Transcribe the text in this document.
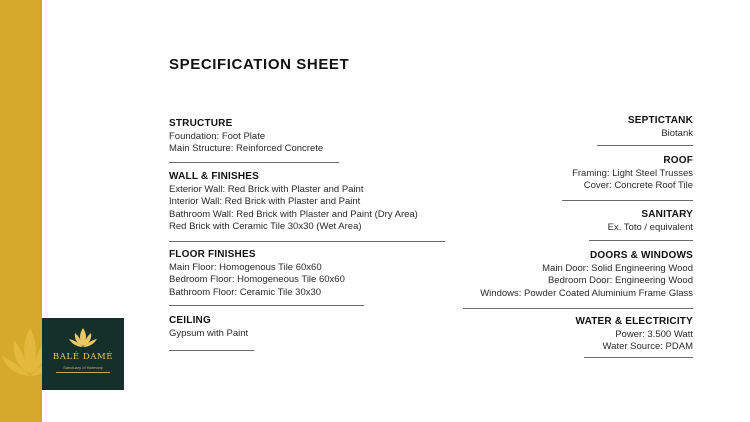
BALÉ DAMÉ
Sanctuary of Harmony
SPECIFICATION SHEET
STRUCTURE
Foundation: Foot Plate
Main Structure: Reinforced Concrete
WALL & FINISHES
Exterior Wall: Red Brick with Plaster and Paint
Interior Wall: Red Brick with Plaster and Paint
Bathroom Wall: Red Brick with Plaster and Paint (Dry Area)
Red Brick with Ceramic Tile 30x30 (Wet Area)
FLOOR FINISHES
Main Floor: Homogenous Tile 60x60
Bedroom Floor: Homogeneous Tile 60x60
Bathroom Floor: Ceramic Tile 30x30
CEILING
Gypsum with Paint
SEPTICTANK
Biotank
ROOF
Framing: Light Steel Trusses
Cover: Concrete Roof Tile
SANITARY
Ex. Toto / equivalent
DOORS & WINDOWS
Main Door: Solid Engineering Wood
Bedroom Door: Engineering Wood
Windows: Powder Coated Aluminium Frame Glass
WATER & ELECTRICITY
Power: 3.500 Watt
Water Source: PDAM
